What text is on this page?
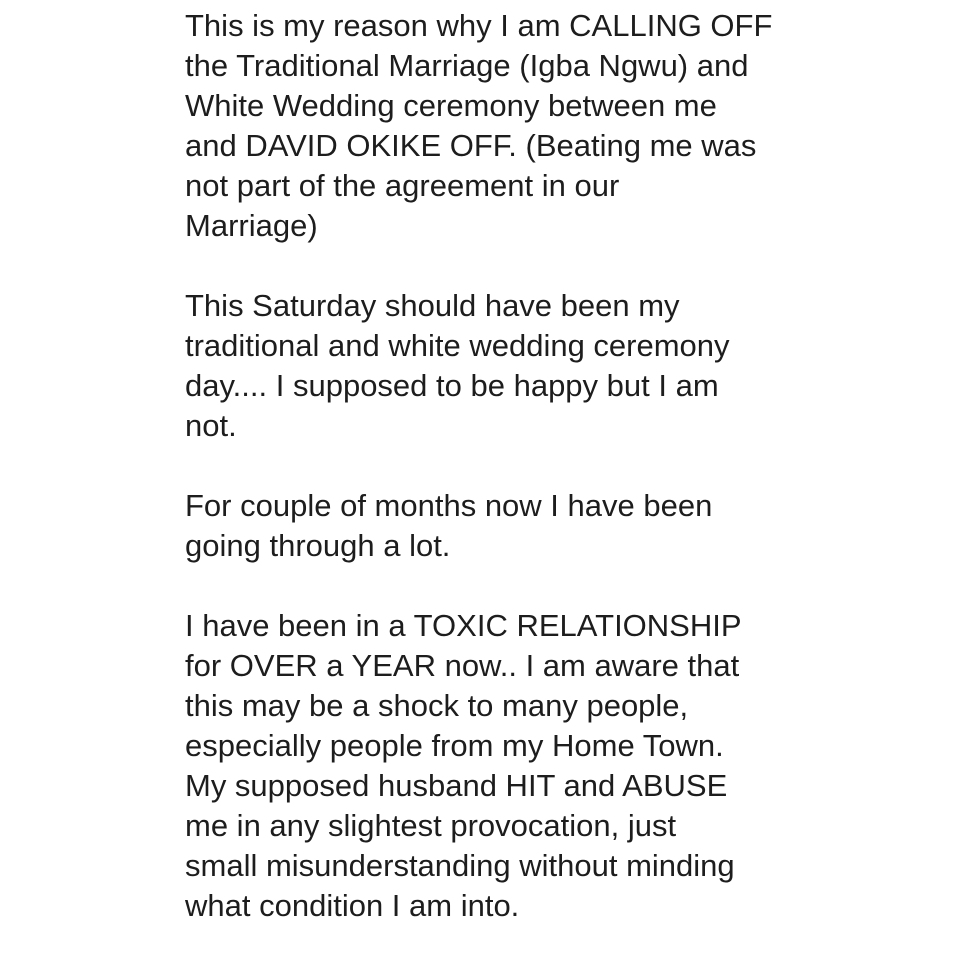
This is my reason why I am CALLING OFF
the Traditional Marriage (Igba Ngwu) and
White Wedding ceremony between me
and DAVID OKIKE OFF. (Beating me was
not part of the agreement in our
Marriage)
This Saturday should have been my
traditional and white wedding ceremony
day.... I supposed to be happy but I am
not.
For couple of months now I have been
going through a lot.
I have been in a TOXIC RELATIONSHIP
for OVER a YEAR now.. I am aware that
this may be a shock to many people,
especially people from my Home Town.
My supposed husband HIT and ABUSE
me in any slightest provocation, just
small misunderstanding without minding
what condition I am into.
